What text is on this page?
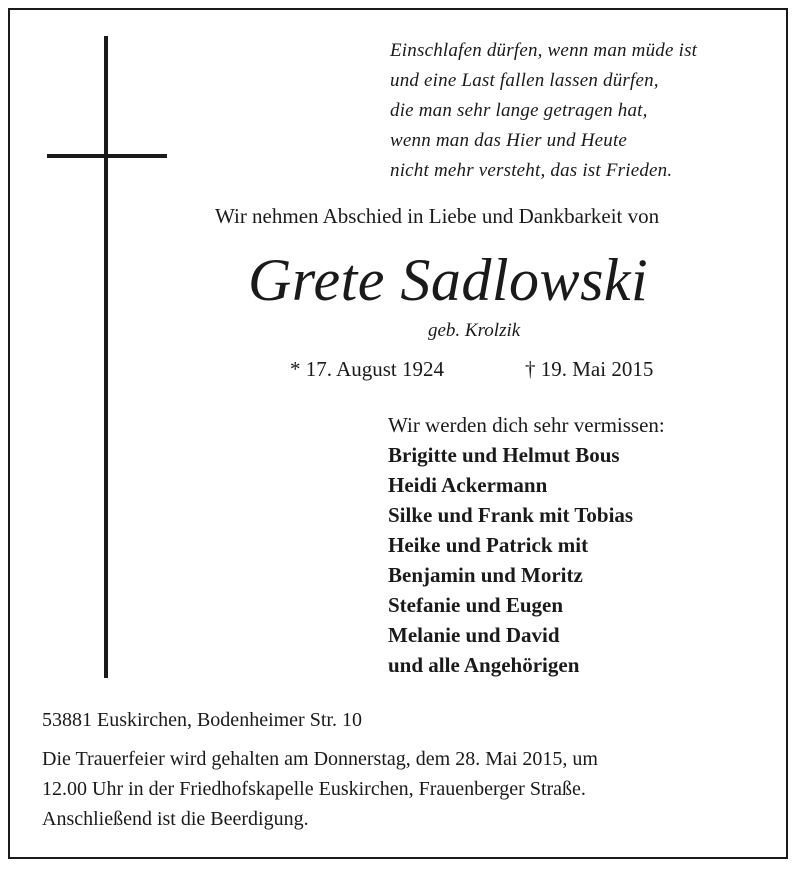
Einschlafen dürfen, wenn man müde ist
und eine Last fallen lassen dürfen,
die man sehr lange getragen hat,
wenn man das Hier und Heute
nicht mehr versteht, das ist Frieden.
Wir nehmen Abschied in Liebe und Dankbarkeit von
Grete Sadlowski
geb. Krolzik
* 17. August 1924	† 19. Mai 2015
Wir werden dich sehr vermissen:
Brigitte und Helmut Bous
Heidi Ackermann
Silke und Frank mit Tobias
Heike und Patrick mit
Benjamin und Moritz
Stefanie und Eugen
Melanie und David
und alle Angehörigen
53881 Euskirchen, Bodenheimer Str. 10
Die Trauerfeier wird gehalten am Donnerstag, dem 28. Mai 2015, um
12.00 Uhr in der Friedhofskapelle Euskirchen, Frauenberger Straße.
Anschließend ist die Beerdigung.
